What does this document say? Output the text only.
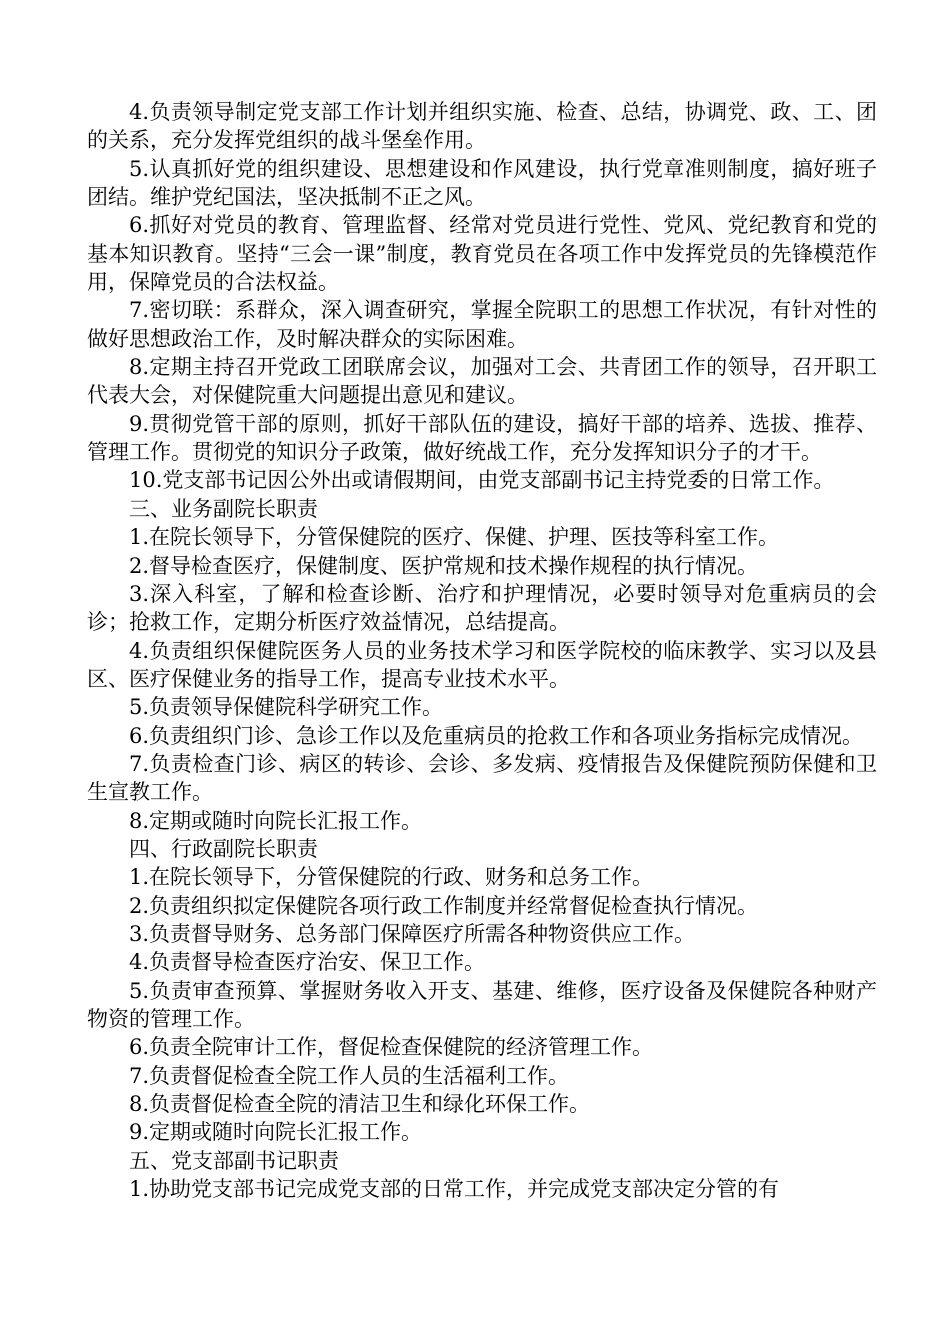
4.负责领导制定党支部工作计划并组织实施、检查、总结，协调党、政、工、团的关系，充分发挥党组织的战斗堡垒作用。

5.认真抓好党的组织建设、思想建设和作风建设，执行党章准则制度，搞好班子团结。维护党纪国法，坚决抵制不正之风。

6.抓好对党员的教育、管理监督、经常对党员进行党性、党风、党纪教育和党的基本知识教育。坚持“三会一课”制度，教育党员在各项工作中发挥党员的先锋模范作用，保障党员的合法权益。

7.密切联：系群众，深入调查研究，掌握全院职工的思想工作状况，有针对性的做好思想政治工作，及时解决群众的实际困难。

8.定期主持召开党政工团联席会议，加强对工会、共青团工作的领导，召开职工代表大会，对保健院重大问题提出意见和建议。

9.贯彻党管干部的原则，抓好干部队伍的建设，搞好干部的培养、选拔、推荐、管理工作。贯彻党的知识分子政策，做好统战工作，充分发挥知识分子的才干。

10.党支部书记因公外出或请假期间，由党支部副书记主持党委的日常工作。

三、业务副院长职责

1.在院长领导下，分管保健院的医疗、保健、护理、医技等科室工作。

2.督导检查医疗，保健制度、医护常规和技术操作规程的执行情况。

3.深入科室，了解和检查诊断、治疗和护理情况，必要时领导对危重病员的会诊；抢救工作，定期分析医疗效益情况，总结提高。

4.负责组织保健院医务人员的业务技术学习和医学院校的临床教学、实习以及县区、医疗保健业务的指导工作，提高专业技术水平。

5.负责领导保健院科学研究工作。

6.负责组织门诊、急诊工作以及危重病员的抢救工作和各项业务指标完成情况。

7.负责检查门诊、病区的转诊、会诊、多发病、疫情报告及保健院预防保健和卫生宣教工作。

8.定期或随时向院长汇报工作。

四、行政副院长职责

1.在院长领导下，分管保健院的行政、财务和总务工作。

2.负责组织拟定保健院各项行政工作制度并经常督促检查执行情况。

3.负责督导财务、总务部门保障医疗所需各种物资供应工作。

4.负责督导检查医疗治安、保卫工作。

5.负责审查预算、掌握财务收入开支、基建、维修，医疗设备及保健院各种财产物资的管理工作。

6.负责全院审计工作，督促检查保健院的经济管理工作。

7.负责督促检查全院工作人员的生活福利工作。

8.负责督促检查全院的清洁卫生和绿化环保工作。

9.定期或随时向院长汇报工作。

五、党支部副书记职责

1.协助党支部书记完成党支部的日常工作，并完成党支部决定分管的有
